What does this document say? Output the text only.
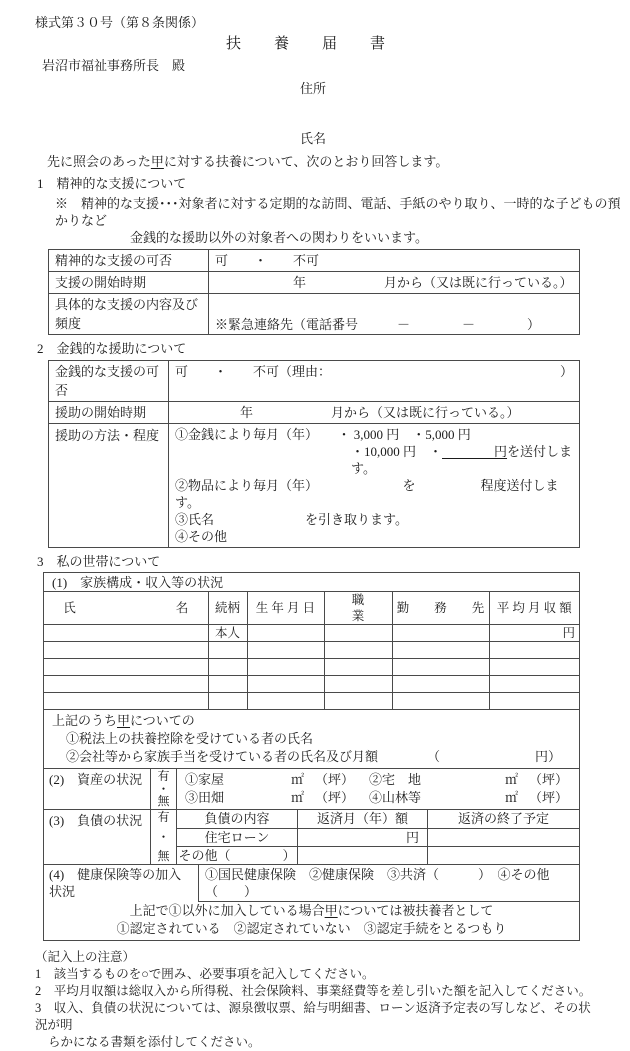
様式第３０号（第８条関係）
扶　養　届　書
岩沼市福祉事務所長　殿
住所
氏名
先に照会のあった甲に対する扶養について、次のとおり回答します。
1　精神的な支援について
※　精神的な支援･･･対象者に対する定期的な訪問、電話、手紙のやり取り、一時的な子どもの預かりなど
金銭的な援助以外の対象者への関わりをいいます。
精神的な支援の可否	可　　・　　不可
支援の開始時期	　　　　　　年　　　　　　月から（又は既に行っている。）
具体的な支援の内容及び頻度	※緊急連絡先（電話番号　　　－　　　　－　　　　）
2　金銭的な援助について
金銭的な支援の可否	可　　・　　不可（理由： ）

援助の開始時期	　　　　　年　　　　　　月から（又は既に行っている。）
援助の方法・程度	①金銭により毎月（年）　　・ 3,000 円　・5,000 円
・10,000 円　・　　　　円を送付します。
②物品により毎月（年）　　　　　　　を　　　　　程度送付します。
③氏名　　　　　　　を引き取ります。
④その他
3　私の世帯について
(1)　家族構成・収入等の状況
氏　　　　　　　　名	続柄	生 年 月 日	職　　　業	勤　　務　　先	平 均 月 収 額
	本人				円

上記のうち甲についての
①税法上の扶養控除を受けている者の氏名
②会社等から家族手当を受けている者の氏名及び月額	（	円）
(2)　資産の状況	有
・
無
①家屋	㎡ （坪）	②宅　地	㎡ （坪）
③田畑	㎡ （坪）	④山林等	㎡ （坪）
(3)　負債の状況	有
・
無
負債の内容	返済月（年）額	返済の終了予定
住宅ローン	円
その他（　　　　）
(4)　健康保険等の加入状況
①国民健康保険　②健康保険　③共済（　　　）　④その他（　　）
上記で①以外に加入している場合甲については被扶養者として
①認定されている　②認定されていない　③認定手続をとるつもり
（記入上の注意）
1　該当するものを○で囲み、必要事項を記入してください。
2　平均月収額は総収入から所得税、社会保険料、事業経費等を差し引いた額を記入してください。
3　収入、負債の状況については、源泉徴収票、給与明細書、ローン返済予定表の写しなど、その状況が明
らかになる書類を添付してください。
